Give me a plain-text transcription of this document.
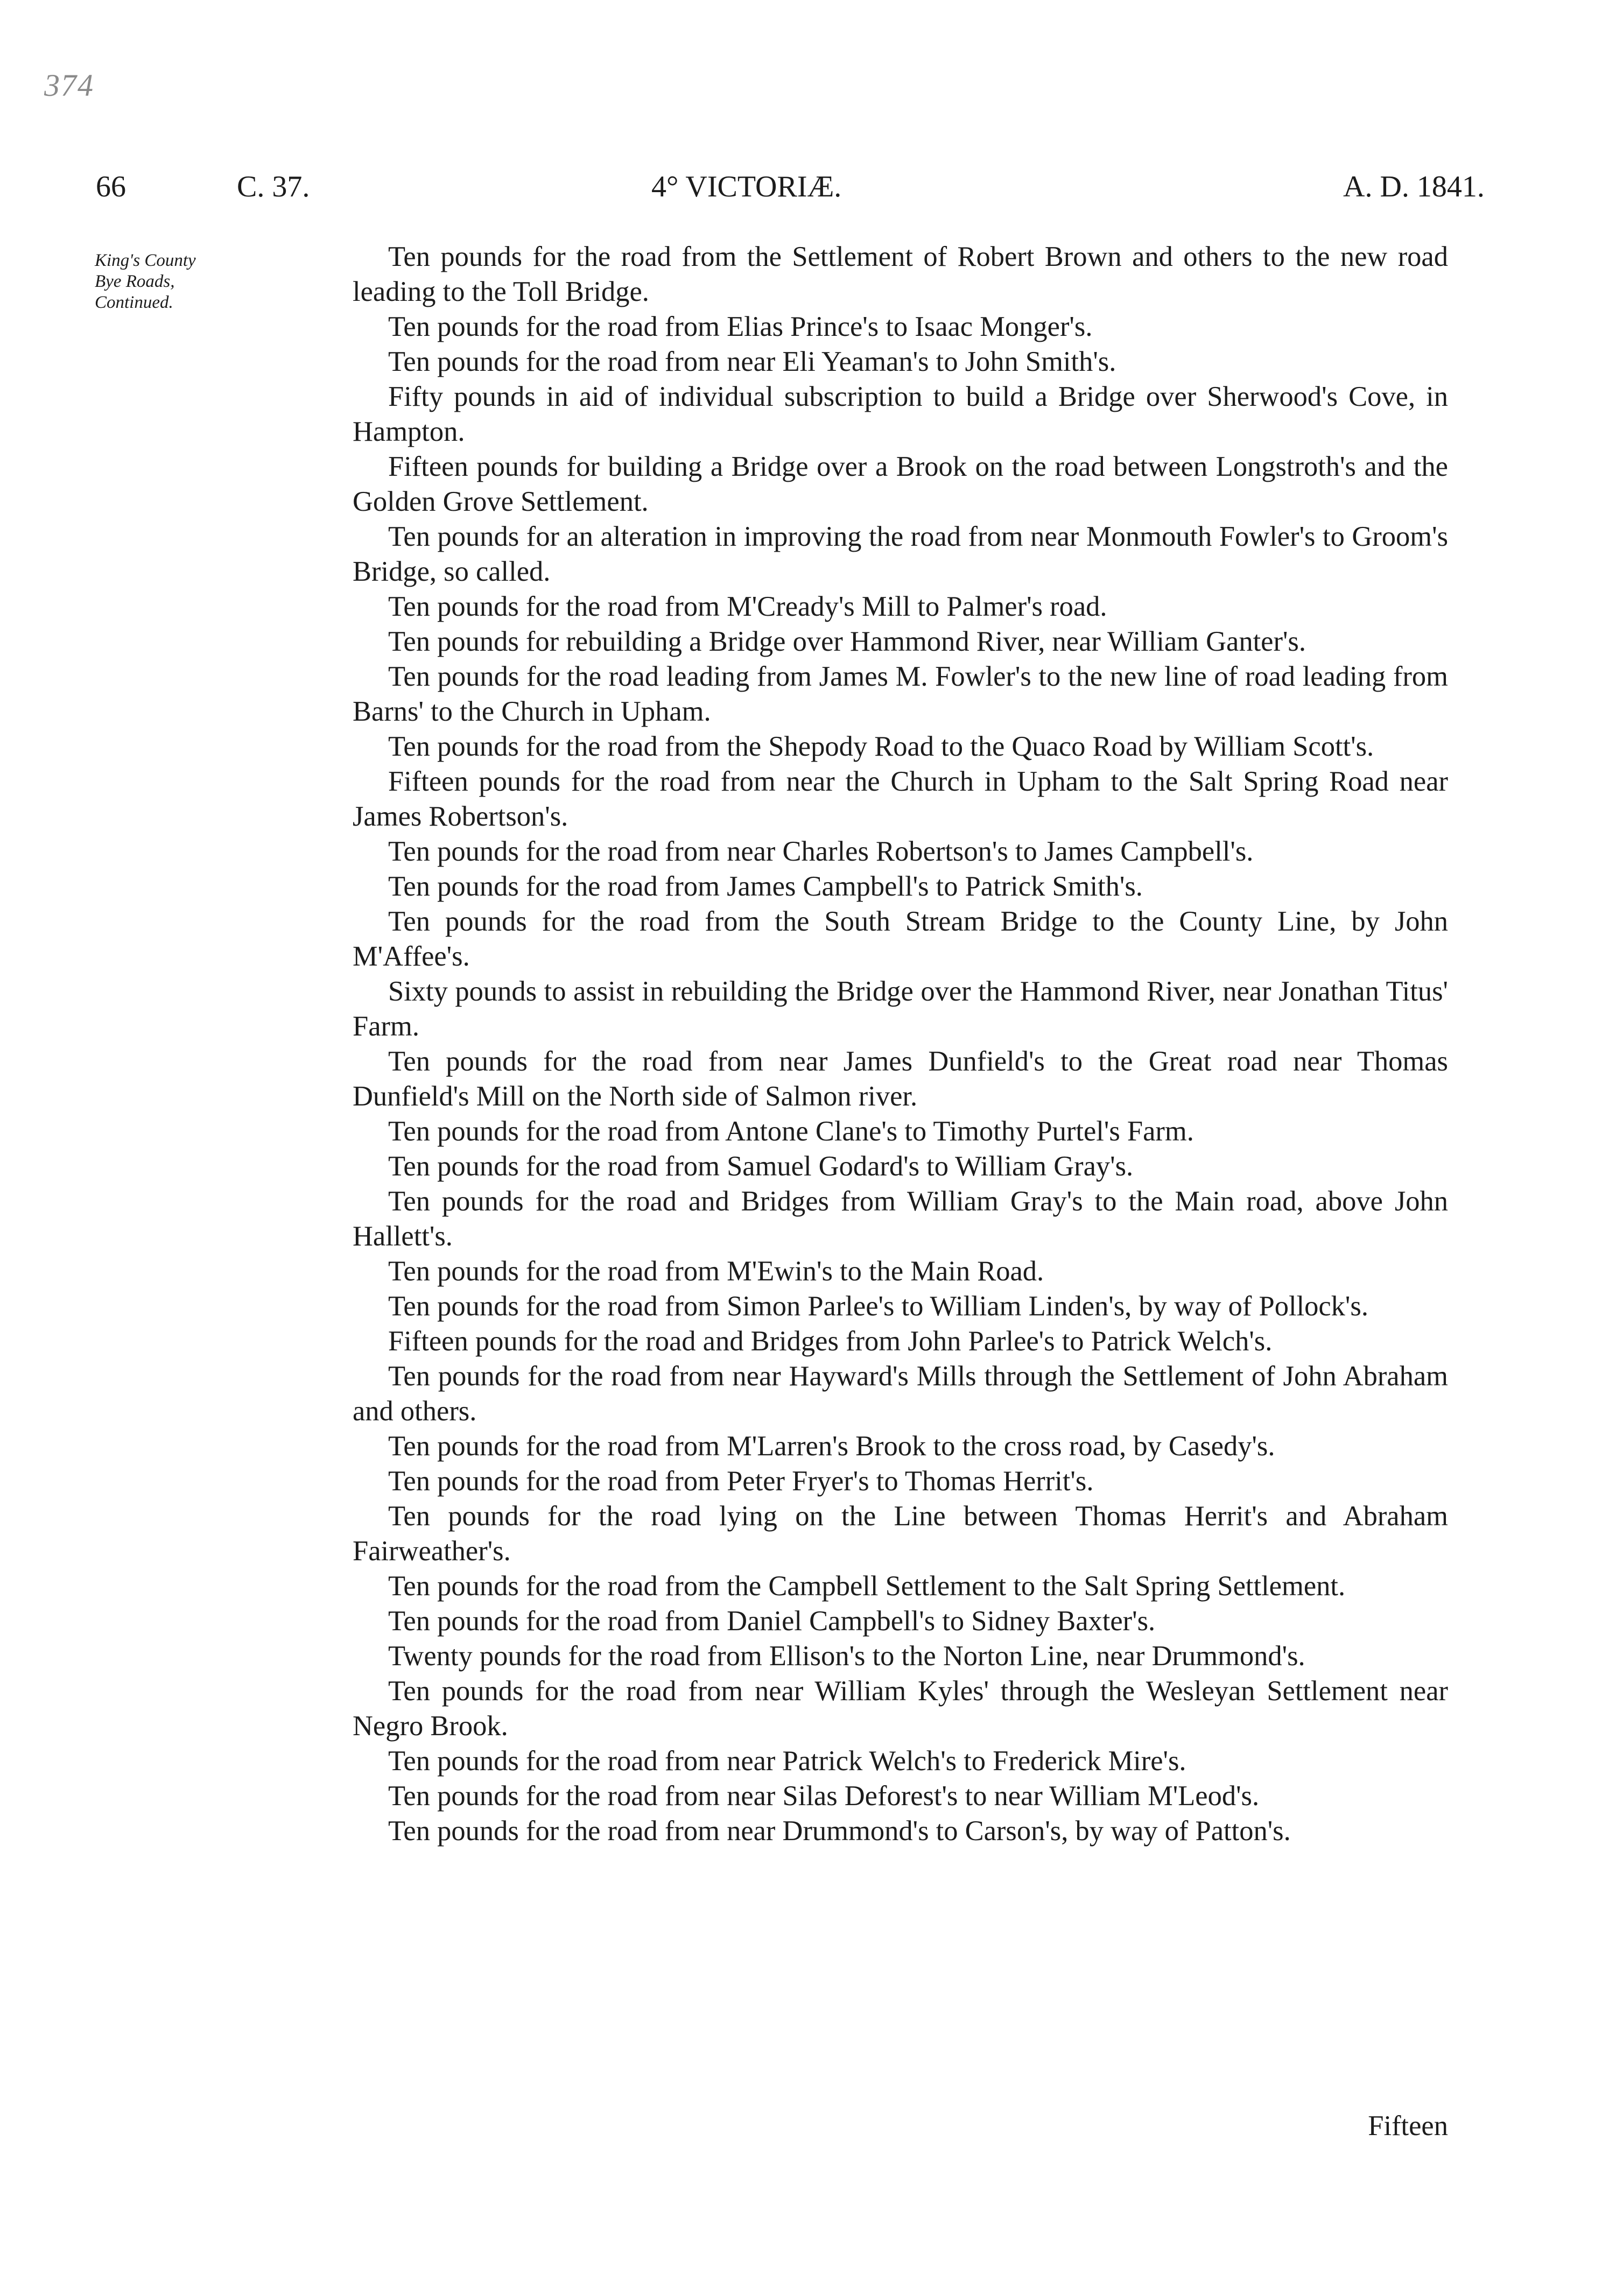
374
66	C. 37.	4° VICTORIÆ.	A. D. 1841.
King's County
Bye Roads,
Continued.

Ten pounds for the road from the Settlement of Robert Brown and others to the new road leading to the Toll Bridge.

Ten pounds for the road from Elias Prince's to Isaac Monger's.

Ten pounds for the road from near Eli Yeaman's to John Smith's.

Fifty pounds in aid of individual subscription to build a Bridge over Sherwood's Cove, in Hampton.

Fifteen pounds for building a Bridge over a Brook on the road between Longstroth's and the Golden Grove Settlement.

Ten pounds for an alteration in improving the road from near Monmouth Fowler's to Groom's Bridge, so called.

Ten pounds for the road from M'Cready's Mill to Palmer's road.

Ten pounds for rebuilding a Bridge over Hammond River, near William Ganter's.

Ten pounds for the road leading from James M. Fowler's to the new line of road leading from Barns' to the Church in Upham.

Ten pounds for the road from the Shepody Road to the Quaco Road by William Scott's.

Fifteen pounds for the road from near the Church in Upham to the Salt Spring Road near James Robertson's.

Ten pounds for the road from near Charles Robertson's to James Campbell's.

Ten pounds for the road from James Campbell's to Patrick Smith's.

Ten pounds for the road from the South Stream Bridge to the County Line, by John M'Affee's.

Sixty pounds to assist in rebuilding the Bridge over the Hammond River, near Jonathan Titus' Farm.

Ten pounds for the road from near James Dunfield's to the Great road near Thomas Dunfield's Mill on the North side of Salmon river.

Ten pounds for the road from Antone Clane's to Timothy Purtel's Farm.

Ten pounds for the road from Samuel Godard's to William Gray's.

Ten pounds for the road and Bridges from William Gray's to the Main road, above John Hallett's.

Ten pounds for the road from M'Ewin's to the Main Road.

Ten pounds for the road from Simon Parlee's to William Linden's, by way of Pollock's.

Fifteen pounds for the road and Bridges from John Parlee's to Patrick Welch's.

Ten pounds for the road from near Hayward's Mills through the Settlement of John Abraham and others.

Ten pounds for the road from M'Larren's Brook to the cross road, by Casedy's.

Ten pounds for the road from Peter Fryer's to Thomas Herrit's.

Ten pounds for the road lying on the Line between Thomas Herrit's and Abraham Fairweather's.

Ten pounds for the road from the Campbell Settlement to the Salt Spring Settlement.

Ten pounds for the road from Daniel Campbell's to Sidney Baxter's.

Twenty pounds for the road from Ellison's to the Norton Line, near Drummond's.

Ten pounds for the road from near William Kyles' through the Wesleyan Settlement near Negro Brook.

Ten pounds for the road from near Patrick Welch's to Frederick Mire's.

Ten pounds for the road from near Silas Deforest's to near William M'Leod's.

Ten pounds for the road from near Drummond's to Carson's, by way of Patton's.

Fifteen
